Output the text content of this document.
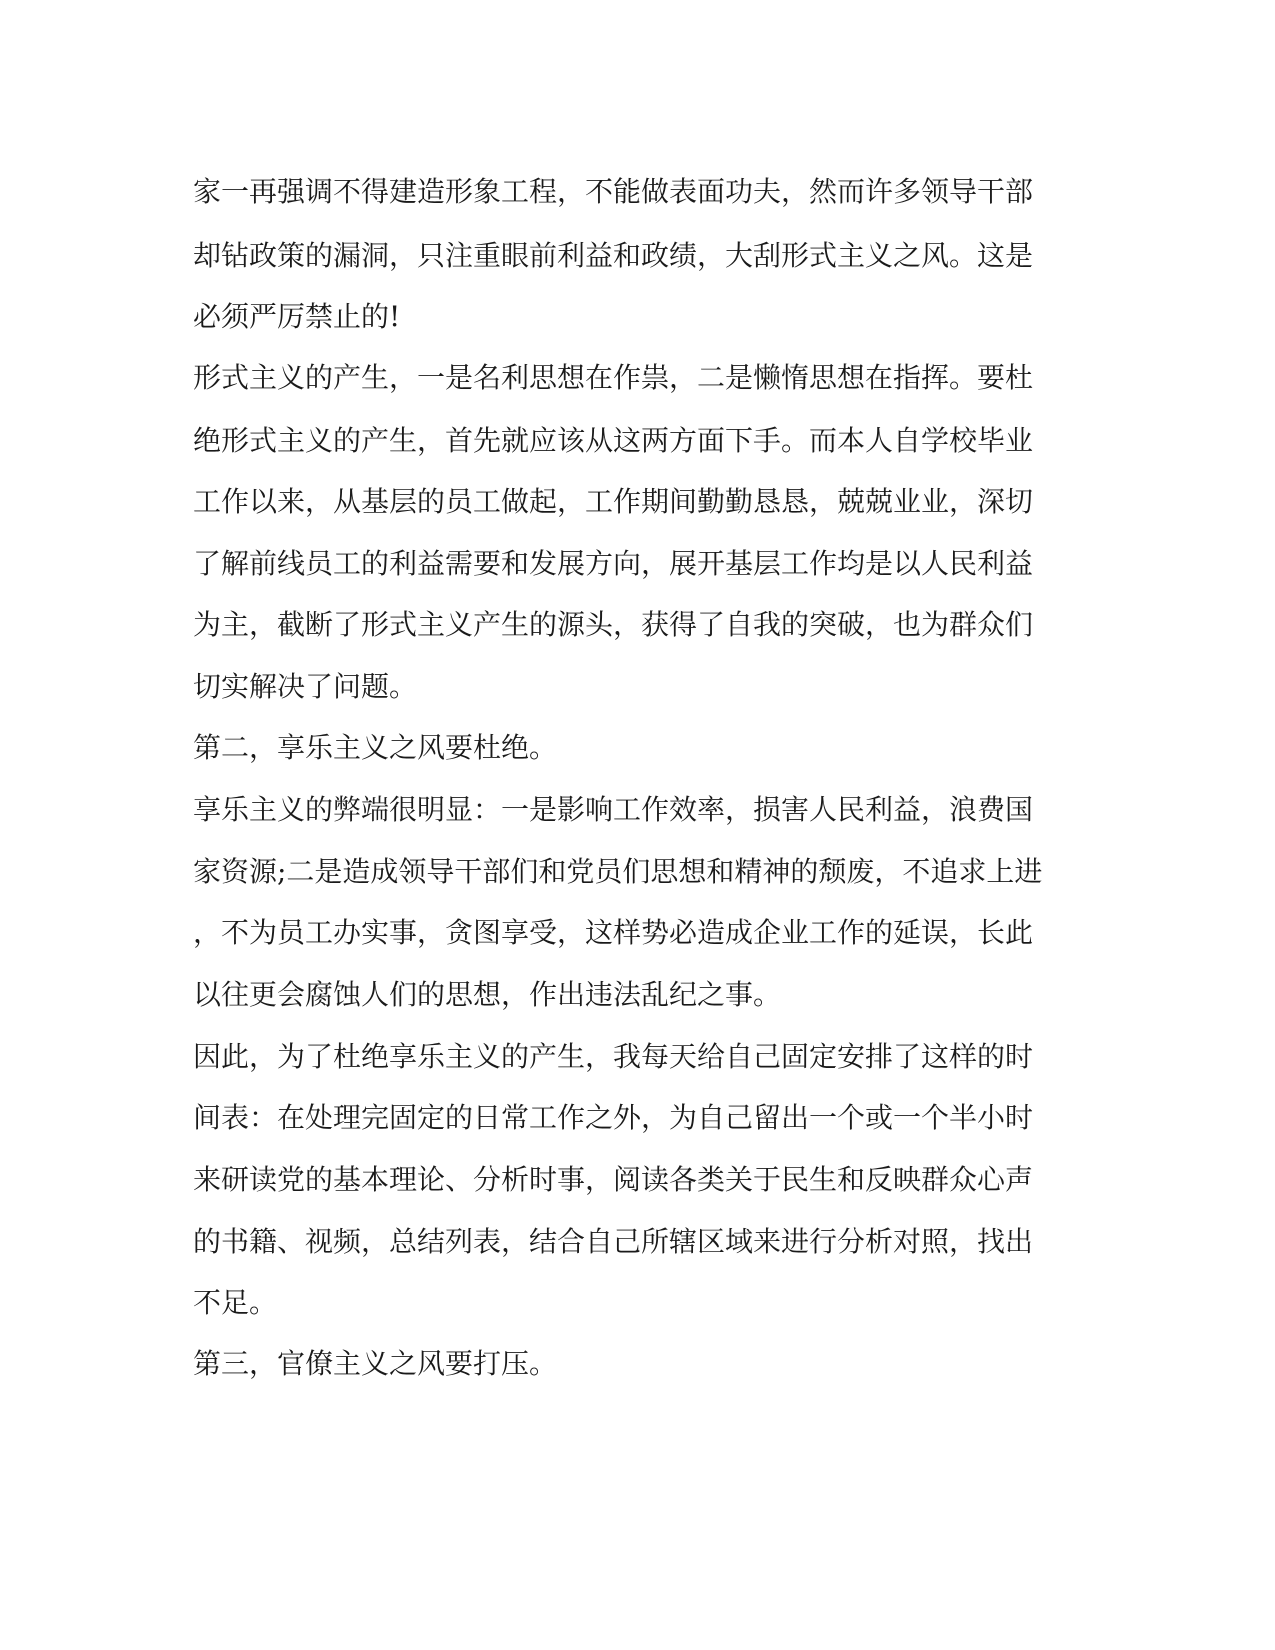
家一再强调不得建造形象工程，不能做表面功夫，然而许多领导干部

却钻政策的漏洞，只注重眼前利益和政绩，大刮形式主义之风。这是

必须严厉禁止的!

形式主义的产生，一是名利思想在作祟，二是懒惰思想在指挥。要杜

绝形式主义的产生，首先就应该从这两方面下手。而本人自学校毕业

工作以来，从基层的员工做起，工作期间勤勤恳恳，兢兢业业，深切

了解前线员工的利益需要和发展方向，展开基层工作均是以人民利益

为主，截断了形式主义产生的源头，获得了自我的突破，也为群众们

切实解决了问题。

第二，享乐主义之风要杜绝。

享乐主义的弊端很明显：一是影响工作效率，损害人民利益，浪费国

家资源;二是造成领导干部们和党员们思想和精神的颓废，不追求上进

，不为员工办实事，贪图享受，这样势必造成企业工作的延误，长此

以往更会腐蚀人们的思想，作出违法乱纪之事。

因此，为了杜绝享乐主义的产生，我每天给自己固定安排了这样的时

间表：在处理完固定的日常工作之外，为自己留出一个或一个半小时

来研读党的基本理论、分析时事，阅读各类关于民生和反映群众心声

的书籍、视频，总结列表，结合自己所辖区域来进行分析对照，找出

不足。

第三，官僚主义之风要打压。
